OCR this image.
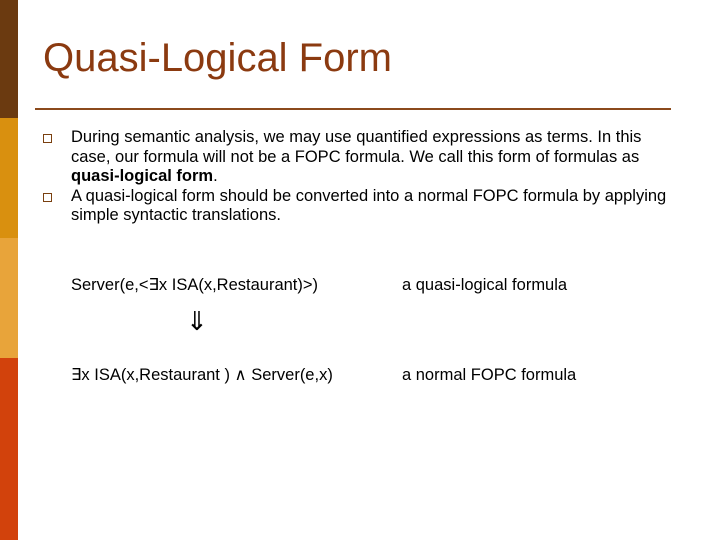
Quasi-Logical Form
During semantic analysis, we may use quantified expressions as terms. In this case, our formula will not be a FOPC formula. We call this form of formulas as quasi-logical form.
A quasi-logical form should be converted into a normal FOPC formula by applying simple syntactic translations.
Server(e,<∃x ISA(x,Restaurant)>)	a quasi-logical formula
⇓
∃x ISA(x,Restaurant ) ∧ Server(e,x)	a normal FOPC formula
